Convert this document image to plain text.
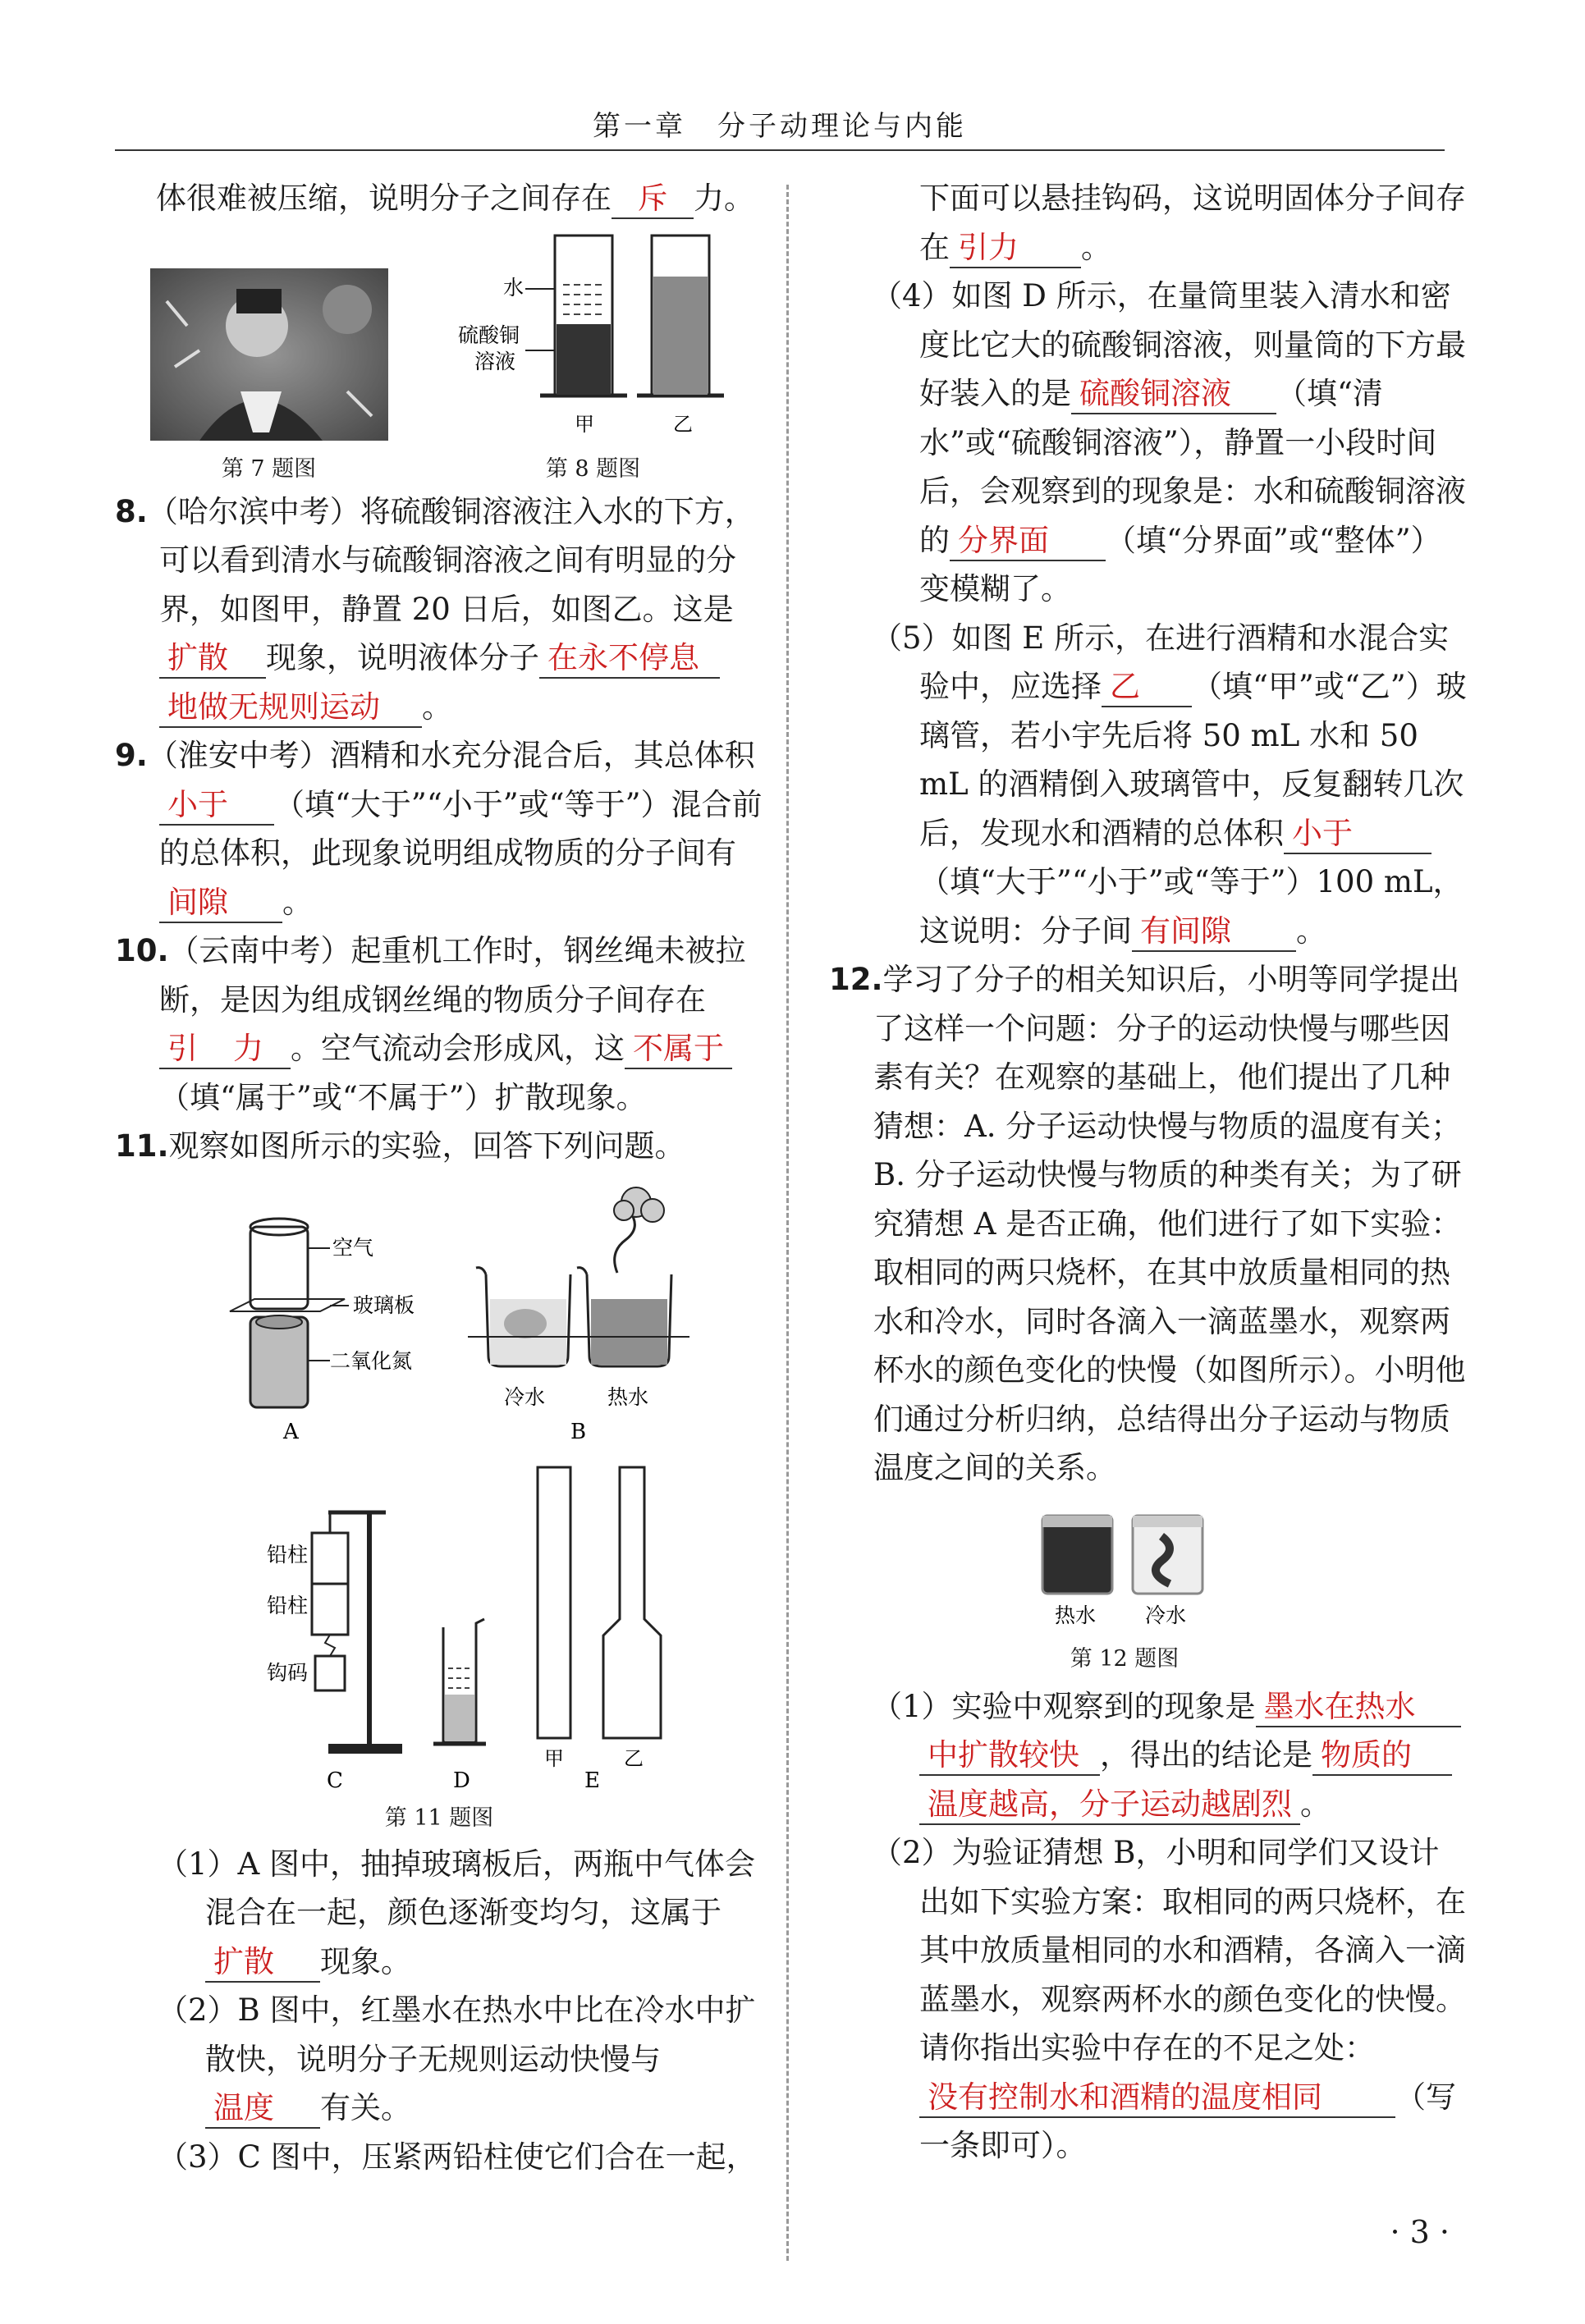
第一章　分子动理论与内能

体很难被压缩，说明分子之间存在 斥 力。

第 7 题图
水
硫酸铜
溶液
甲	乙
第 8 题图

8.（哈尔滨中考）将硫酸铜溶液注入水的下方，可以看到清水与硫酸铜溶液之间有明显的分界，如图甲，静置 20 日后，如图乙。这是扩散 现象，说明液体分子 在永不停息
地做无规则运动 。

9.（淮安中考）酒精和水充分混合后，其总体积小于 （填“大于”“小于”或“等于”）混合前的总体积，此现象说明组成物质的分子间有间隙 。

10.（云南中考）起重机工作时，钢丝绳未被拉断，是因为组成钢丝绳的物质分子间存在引 力 。空气流动会形成风，这 不属于（填“属于”或“不属于”）扩散现象。

11.观察如图所示的实验，回答下列问题。

空气
玻璃板
二氧化氮
A
冷水	热水
B
铅柱
铅柱
钩码
C	D
甲	乙
E
第 11 题图

（1）A 图中，抽掉玻璃板后，两瓶中气体会混合在一起，颜色逐渐变均匀，这属于扩散 现象。

（2）B 图中，红墨水在热水中比在冷水中扩散快，说明分子无规则运动快慢与温度 有关。

（3）C 图中，压紧两铅柱使它们合在一起，

下面可以悬挂钩码，这说明固体分子间存在 引力 。

（4）如图 D 所示，在量筒里装入清水和密度比它大的硫酸铜溶液，则量筒的下方最好装入的是 硫酸铜溶液 （填“清水”或“硫酸铜溶液”），静置一小段时间后，会观察到的现象是：水和硫酸铜溶液的 分界面 （填“分界面”或“整体”）变模糊了。

（5）如图 E 所示，在进行酒精和水混合实验中，应选择 乙 （填“甲”或“乙”）玻璃管，若小宇先后将 50 mL 水和 50 mL 的酒精倒入玻璃管中，反复翻转几次后，发现水和酒精的总体积 小于（填“大于”“小于”或“等于”）100 mL，这说明：分子间 有间隙 。

12.学习了分子的相关知识后，小明等同学提出了这样一个问题：分子的运动快慢与哪些因素有关？在观察的基础上，他们提出了几种猜想：A. 分子运动快慢与物质的温度有关；B. 分子运动快慢与物质的种类有关；为了研究猜想 A 是否正确，他们进行了如下实验：取相同的两只烧杯，在其中放质量相同的热水和冷水，同时各滴入一滴蓝墨水，观察两杯水的颜色变化的快慢（如图所示）。小明他们通过分析归纳，总结得出分子运动与物质温度之间的关系。

热水 冷水
第 12 题图

（1）实验中观察到的现象是 墨水在热水中扩散较快 ，得出的结论是 物质的温度越高，分子运动越剧烈 。

（2）为验证猜想 B，小明和同学们又设计出如下实验方案：取相同的两只烧杯，在其中放质量相同的水和酒精，各滴入一滴蓝墨水，观察两杯水的颜色变化的快慢。请你指出实验中存在的不足之处：没有控制水和酒精的温度相同 （写一条即可）。

· 3 ·
